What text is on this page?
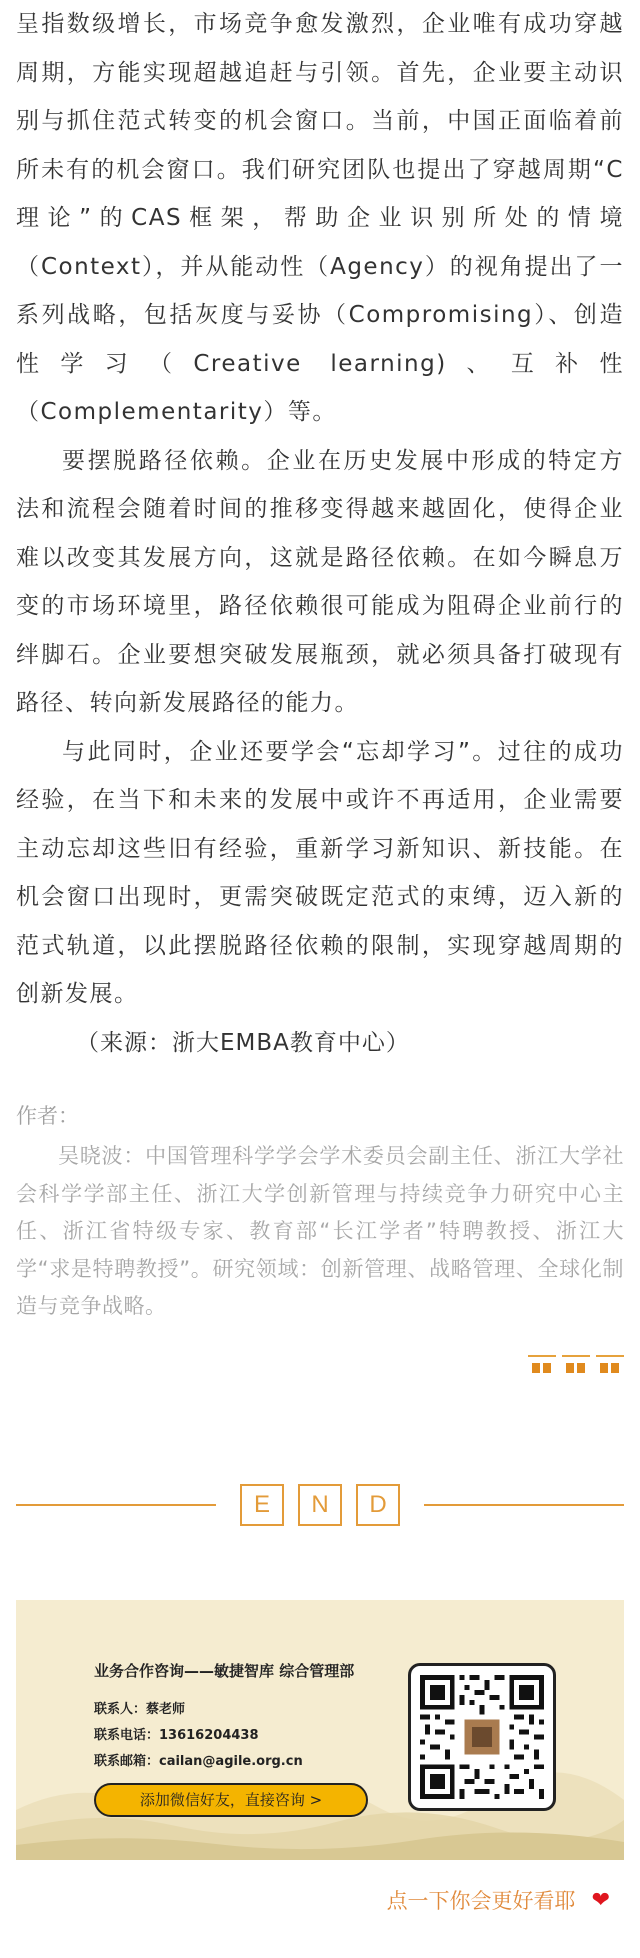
呈指数级增长，市场竞争愈发激烈，企业唯有成功穿越周期，方能实现超越追赶与引领。首先，企业要主动识别与抓住范式转变的机会窗口。当前，中国正面临着前所未有的机会窗口。我们研究团队也提出了穿越周期“C理论”的CAS框架，帮助企业识别所处的情境（Context），并从能动性（Agency）的视角提出了一系列战略，包括灰度与妥协（Compromising）、创造性学习（Creative learning)、互补性（Complementarity）等。

要摆脱路径依赖。企业在历史发展中形成的特定方法和流程会随着时间的推移变得越来越固化，使得企业难以改变其发展方向，这就是路径依赖。在如今瞬息万变的市场环境里，路径依赖很可能成为阻碍企业前行的绊脚石。企业要想突破发展瓶颈，就必须具备打破现有路径、转向新发展路径的能力。

与此同时，企业还要学会“忘却学习”。过往的成功经验，在当下和未来的发展中或许不再适用，企业需要主动忘却这些旧有经验，重新学习新知识、新技能。在机会窗口出现时，更需突破既定范式的束缚，迈入新的范式轨道，以此摆脱路径依赖的限制，实现穿越周期的创新发展。

（来源：浙大EMBA教育中心）

作者：

吴晓波：中国管理科学学会学术委员会副主任、浙江大学社会科学学部主任、浙江大学创新管理与持续竞争力研究中心主任、浙江省特级专家、教育部“长江学者”特聘教授、浙江大学“求是特聘教授”。研究领域：创新管理、战略管理、全球化制造与竞争战略。

E	N	D
业务合作咨询——敏捷智库 综合管理部
联系人：蔡老师
联系电话：13616204438
联系邮箱：cailan@agile.org.cn
添加微信好友，直接咨询 >
点一下你会更好看耶 ❤
